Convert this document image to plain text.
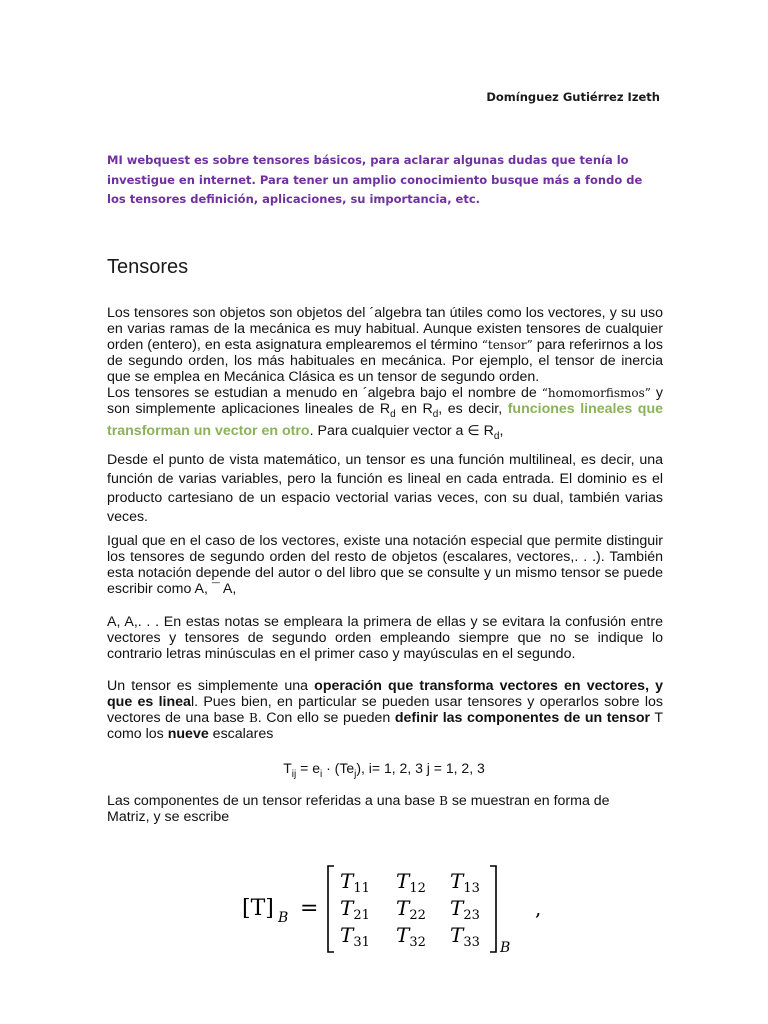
Domínguez Gutiérrez Izeth
MI webquest es sobre tensores básicos, para aclarar algunas dudas que tenía lo investigue en internet. Para tener un amplio conocimiento busque más a fondo de los tensores definición, aplicaciones, su importancia, etc.
Tensores
Los tensores son objetos son objetos del ´algebra tan útiles como los vectores, y su uso en varias ramas de la mecánica es muy habitual. Aunque existen tensores de cualquier orden (entero), en esta asignatura emplearemos el término “tensor” para referirnos a los de segundo orden, los más habituales en mecánica. Por ejemplo, el tensor de inercia que se emplea en Mecánica Clásica es un tensor de segundo orden.
Los tensores se estudian a menudo en ´algebra bajo el nombre de “homomorfismos” y son simplemente aplicaciones lineales de $R_d$ en $R_d$, es decir, funciones lineales que transforman un vector en otro. Para cualquier vector a ∈ $R_d$,
Desde el punto de vista matemático, un tensor es una función multilineal, es decir, una función de varias variables, pero la función es lineal en cada entrada. El dominio es el producto cartesiano de un espacio vectorial varias veces, con su dual, también varias veces.
Igual que en el caso de los vectores, existe una notación especial que permite distinguir los tensores de segundo orden del resto de objetos (escalares, vectores,. . .). También esta notación depende del autor o del libro que se consulte y un mismo tensor se puede escribir como A, ¯ A,
A, A,. . . En estas notas se empleara la primera de ellas y se evitara la confusión entre vectores y tensores de segundo orden empleando siempre que no se indique lo contrario letras minúsculas en el primer caso y mayúsculas en el segundo.
Un tensor es simplemente una operación que transforma vectores en vectores, y que es lineal. Pues bien, en particular se pueden usar tensores y operarlos sobre los vectores de una base B. Con ello se pueden definir las componentes de un tensor T como los nueve escalares
$T_{ij} = e_i \cdot (Te_j)$, i= 1, 2, 3 j = 1, 2, 3
Las componentes de un tensor referidas a una base B se muestran en forma de
Matriz, y se escribe
[T] B =
$T_{11}$ $T_{12}$ $T_{13}$
$T_{21}$ $T_{22}$ $T_{23}$
$T_{31}$ $T_{32}$ $T_{33}$ B
,
